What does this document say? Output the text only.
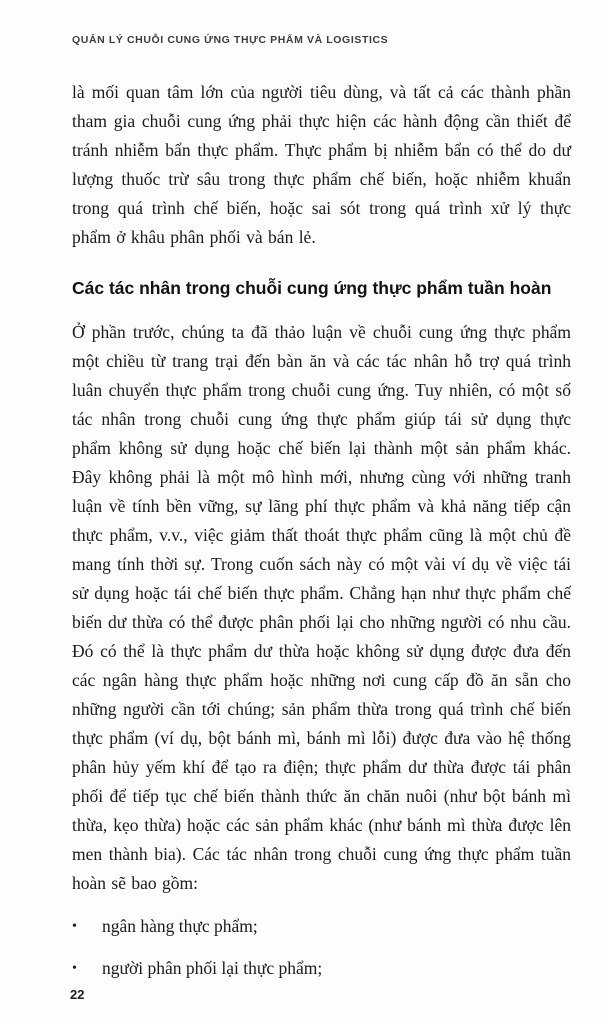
QUẢN LÝ CHUỖI CUNG ỨNG THỰC PHẨM VÀ LOGISTICS

là mối quan tâm lớn của người tiêu dùng, và tất cả các thành phần tham gia chuỗi cung ứng phải thực hiện các hành động cần thiết để tránh nhiễm bẩn thực phẩm. Thực phẩm bị nhiễm bẩn có thể do dư lượng thuốc trừ sâu trong thực phẩm chế biến, hoặc nhiễm khuẩn trong quá trình chế biến, hoặc sai sót trong quá trình xử lý thực phẩm ở khâu phân phối và bán lẻ.

Các tác nhân trong chuỗi cung ứng thực phẩm tuần hoàn

Ở phần trước, chúng ta đã thảo luận về chuỗi cung ứng thực phẩm một chiều từ trang trại đến bàn ăn và các tác nhân hỗ trợ quá trình luân chuyển thực phẩm trong chuỗi cung ứng. Tuy nhiên, có một số tác nhân trong chuỗi cung ứng thực phẩm giúp tái sử dụng thực phẩm không sử dụng hoặc chế biến lại thành một sản phẩm khác. Đây không phải là một mô hình mới, nhưng cùng với những tranh luận về tính bền vững, sự lãng phí thực phẩm và khả năng tiếp cận thực phẩm, v.v., việc giảm thất thoát thực phẩm cũng là một chủ đề mang tính thời sự. Trong cuốn sách này có một vài ví dụ về việc tái sử dụng hoặc tái chế biến thực phẩm. Chẳng hạn như thực phẩm chế biến dư thừa có thể được phân phối lại cho những người có nhu cầu. Đó có thể là thực phẩm dư thừa hoặc không sử dụng được đưa đến các ngân hàng thực phẩm hoặc những nơi cung cấp đồ ăn sẵn cho những người cần tới chúng; sản phẩm thừa trong quá trình chế biến thực phẩm (ví dụ, bột bánh mì, bánh mì lỗi) được đưa vào hệ thống phân hủy yếm khí để tạo ra điện; thực phẩm dư thừa được tái phân phối để tiếp tục chế biến thành thức ăn chăn nuôi (như bột bánh mì thừa, kẹo thừa) hoặc các sản phẩm khác (như bánh mì thừa được lên men thành bia). Các tác nhân trong chuỗi cung ứng thực phẩm tuần hoàn sẽ bao gồm:

•	ngân hàng thực phẩm;
•	người phân phối lại thực phẩm;
22
